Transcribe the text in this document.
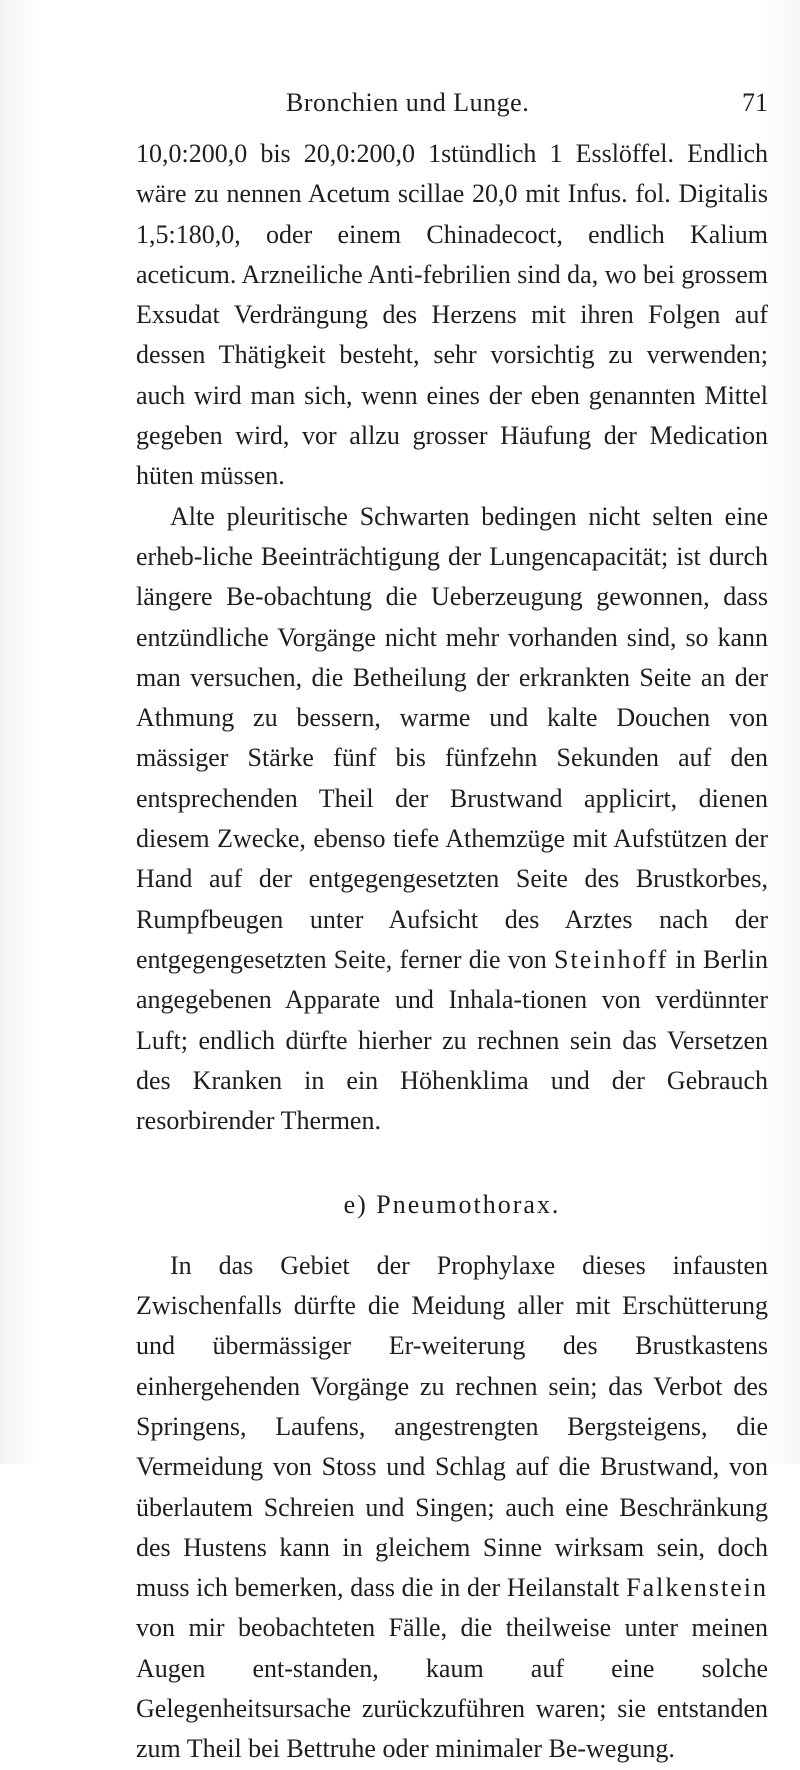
Bronchien und Lunge.	71

10,0:200,0 bis 20,0:200,0 1stündlich 1 Esslöffel. Endlich wäre zu nennen Acetum scillae 20,0 mit Infus. fol. Digitalis 1,5:180,0, oder einem Chinadecoct, endlich Kalium aceticum. Arzneiliche Anti-febrilien sind da, wo bei grossem Exsudat Verdrängung des Herzens mit ihren Folgen auf dessen Thätigkeit besteht, sehr vorsichtig zu verwenden; auch wird man sich, wenn eines der eben genannten Mittel gegeben wird, vor allzu grosser Häufung der Medication hüten müssen.

Alte pleuritische Schwarten bedingen nicht selten eine erheb-liche Beeinträchtigung der Lungencapacität; ist durch längere Be-obachtung die Ueberzeugung gewonnen, dass entzündliche Vorgänge nicht mehr vorhanden sind, so kann man versuchen, die Betheilung der erkrankten Seite an der Athmung zu bessern, warme und kalte Douchen von mässiger Stärke fünf bis fünfzehn Sekunden auf den entsprechenden Theil der Brustwand applicirt, dienen diesem Zwecke, ebenso tiefe Athemzüge mit Aufstützen der Hand auf der entgegengesetzten Seite des Brustkorbes, Rumpfbeugen unter Aufsicht des Arztes nach der entgegengesetzten Seite, ferner die von Steinhoff in Berlin angegebenen Apparate und Inhala-tionen von verdünnter Luft; endlich dürfte hierher zu rechnen sein das Versetzen des Kranken in ein Höhenklima und der Gebrauch resorbirender Thermen.

e) Pneumothorax.

In das Gebiet der Prophylaxe dieses infausten Zwischenfalls dürfte die Meidung aller mit Erschütterung und übermässiger Er-weiterung des Brustkastens einhergehenden Vorgänge zu rechnen sein; das Verbot des Springens, Laufens, angestrengten Bergsteigens, die Vermeidung von Stoss und Schlag auf die Brustwand, von überlautem Schreien und Singen; auch eine Beschränkung des Hustens kann in gleichem Sinne wirksam sein, doch muss ich bemerken, dass die in der Heilanstalt Falkenstein von mir beobachteten Fälle, die theilweise unter meinen Augen ent-standen, kaum auf eine solche Gelegenheitsursache zurückzuführen waren; sie entstanden zum Theil bei Bettruhe oder minimaler Be-wegung.
